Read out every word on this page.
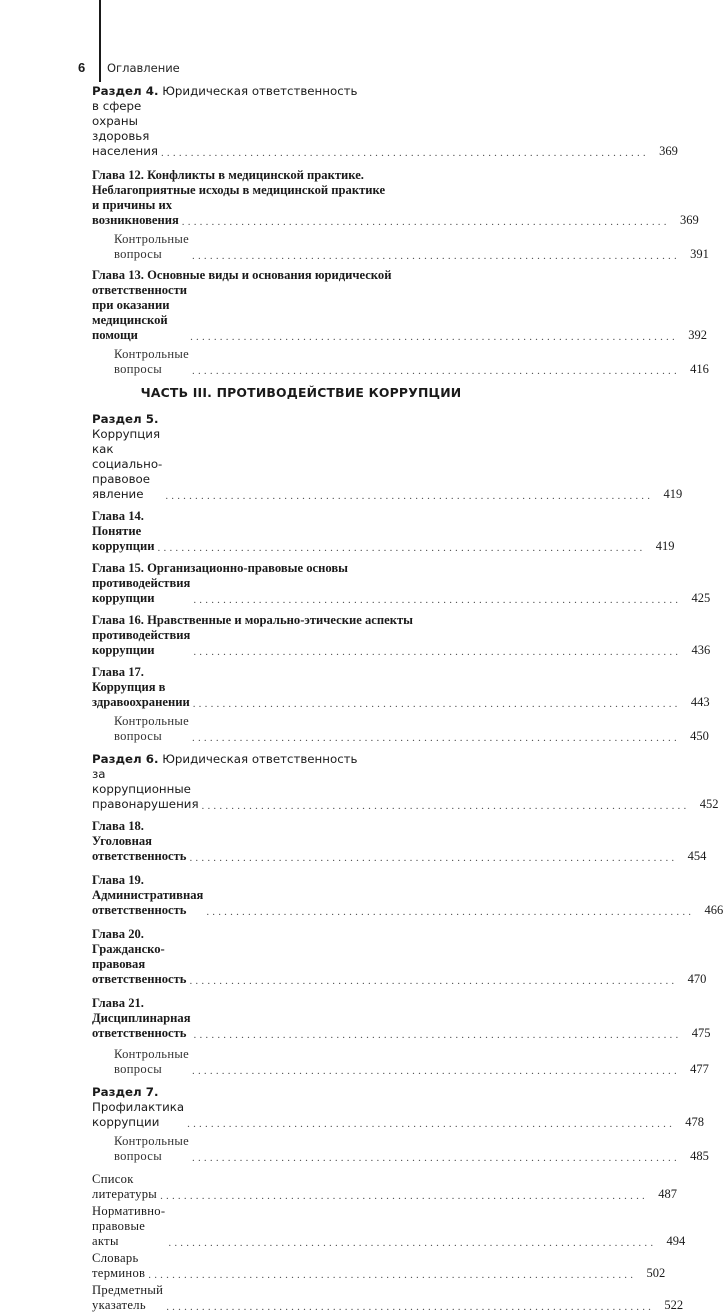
6 Оглавление
Раздел 4. Юридическая ответственность
в сфере охраны здоровья населения .................................................................................. 369
Глава 12. Конфликты в медицинской практике.
Неблагоприятные исходы в медицинской практике
и причины их возникновения .................................................................................. 369
Контрольные вопросы	.................................................................................. 391
Глава 13. Основные виды и основания юридической
ответственности при оказании медицинской помощи	.................................................................................. 392
Контрольные вопросы	.................................................................................. 416
ЧАСТЬ III. ПРОТИВОДЕЙСТВИЕ КОРРУПЦИИ
Раздел 5. Коррупция как социально-правовое явление	.................................................................................. 419
Глава 14. Понятие коррупции .................................................................................. 419
Глава 15. Организационно-правовые основы
противодействия коррупции	.................................................................................. 425
Глава 16. Нравственные и морально-этические аспекты
противодействия коррупции	.................................................................................. 436
Глава 17. Коррупция в здравоохранении .................................................................................. 443
Контрольные вопросы	.................................................................................. 450
Раздел 6. Юридическая ответственность
за коррупционные правонарушения .................................................................................. 452
Глава 18. Уголовная ответственность .................................................................................. 454
Глава 19. Административная ответственность	.................................................................................. 466
Глава 20. Гражданско-правовая ответственность .................................................................................. 470
Глава 21. Дисциплинарная ответственность .................................................................................. 475
Контрольные вопросы	.................................................................................. 477
Раздел 7. Профилактика коррупции	.................................................................................. 478
Контрольные вопросы	.................................................................................. 485
Список литературы .................................................................................. 487
Нормативно-правовые акты	.................................................................................. 494
Словарь терминов .................................................................................. 502
Предметный указатель	.................................................................................. 522
